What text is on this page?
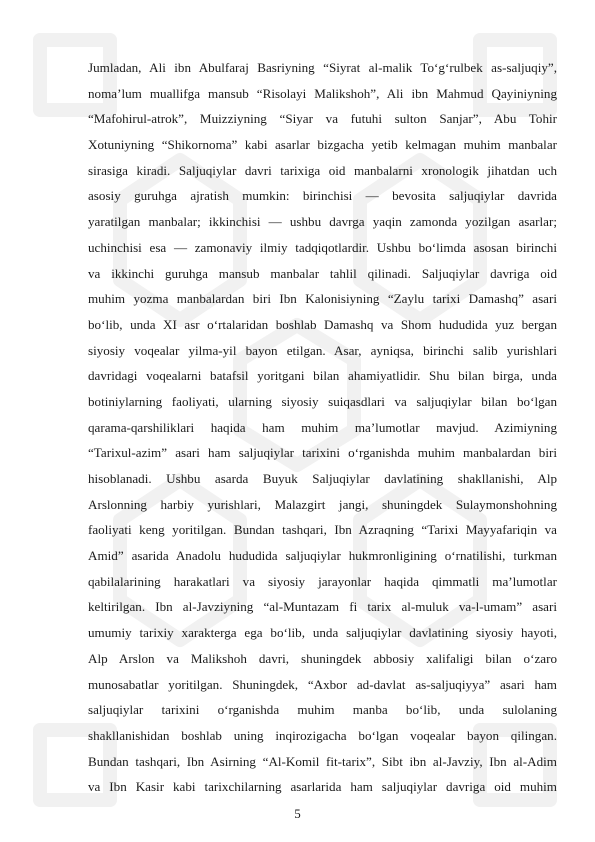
Jumladan, Ali ibn Abulfaraj Basriyning “Siyrat al-malik To‘g‘rulbek as-saljuqiy”,
noma’lum muallifga mansub “Risolayi Malikshoh”, Ali ibn Mahmud Qayiniyning
“Mafohirul-atrok”, Muizziyning “Siyar va futuhi sulton Sanjar”, Abu Tohir
Xotuniyning “Shikornoma” kabi asarlar bizgacha yetib kelmagan muhim manbalar
sirasiga kiradi. Saljuqiylar davri tarixiga oid manbalarni xronologik jihatdan uch
asosiy guruhga ajratish mumkin: birinchisi — bevosita saljuqiylar davrida
yaratilgan manbalar; ikkinchisi — ushbu davrga yaqin zamonda yozilgan asarlar;
uchinchisi esa — zamonaviy ilmiy tadqiqotlardir. Ushbu bo‘limda asosan birinchi
va ikkinchi guruhga mansub manbalar tahlil qilinadi. Saljuqiylar davriga oid
muhim yozma manbalardan biri Ibn Kalonisiyning “Zaylu tarixi Damashq” asari
bo‘lib, unda XI asr o‘rtalaridan boshlab Damashq va Shom hududida yuz bergan
siyosiy voqealar yilma-yil bayon etilgan. Asar, ayniqsa, birinchi salib yurishlari
davridagi voqealarni batafsil yoritgani bilan ahamiyatlidir. Shu bilan birga, unda
botiniylarning faoliyati, ularning siyosiy suiqasdlari va saljuqiylar bilan bo‘lgan
qarama-qarshiliklari haqida ham muhim ma’lumotlar mavjud. Azimiyning
“Tarixul-azim” asari ham saljuqiylar tarixini o‘rganishda muhim manbalardan biri
hisoblanadi. Ushbu asarda Buyuk Saljuqiylar davlatining shakllanishi, Alp
Arslonning harbiy yurishlari, Malazgirt jangi, shuningdek Sulaymonshohning
faoliyati keng yoritilgan. Bundan tashqari, Ibn Azraqning “Tarixi Mayyafariqin va
Amid” asarida Anadolu hududida saljuqiylar hukmronligining o‘rnatilishi, turkman
qabilalarining harakatlari va siyosiy jarayonlar haqida qimmatli ma’lumotlar
keltirilgan. Ibn al-Javziyning “al-Muntazam fi tarix al-muluk va-l-umam” asari
umumiy tarixiy xarakterga ega bo‘lib, unda saljuqiylar davlatining siyosiy hayoti,
Alp Arslon va Malikshoh davri, shuningdek abbosiy xalifaligi bilan o‘zaro
munosabatlar yoritilgan. Shuningdek, “Axbor ad-davlat as-saljuqiyya” asari ham
saljuqiylar tarixini o‘rganishda muhim manba bo‘lib, unda sulolaning
shakllanishidan boshlab uning inqirozigacha bo‘lgan voqealar bayon qilingan.
Bundan tashqari, Ibn Asirning “Al-Komil fit-tarix”, Sibt ibn al-Javziy, Ibn al-Adim
va Ibn Kasir kabi tarixchilarning asarlarida ham saljuqiylar davriga oid muhim
5
